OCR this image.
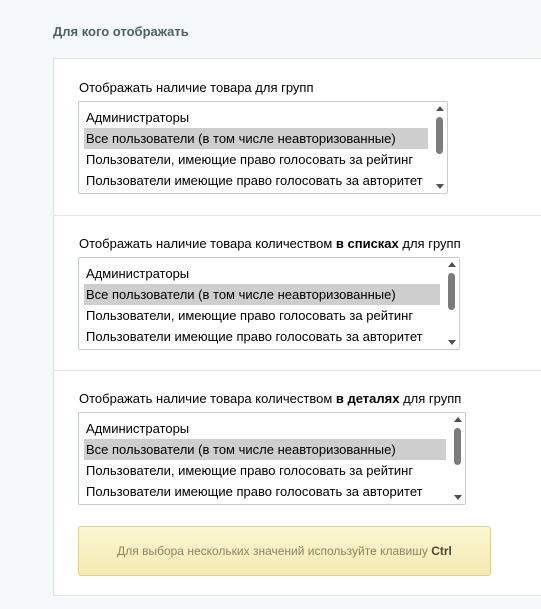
Для кого отображать
Отображать наличие товара для групп
Администраторы
Все пользователи (в том числе неавторизованные)
Пользователи, имеющие право голосовать за рейтинг
Пользователи имеющие право голосовать за авторитет
Отображать наличие товара количеством в списках для групп
Администраторы
Все пользователи (в том числе неавторизованные)
Пользователи, имеющие право голосовать за рейтинг
Пользователи имеющие право голосовать за авторитет
Отображать наличие товара количеством в деталях для групп
Администраторы
Все пользователи (в том числе неавторизованные)
Пользователи, имеющие право голосовать за рейтинг
Пользователи имеющие право голосовать за авторитет
Для выбора нескольких значений используйте клавишу Ctrl
